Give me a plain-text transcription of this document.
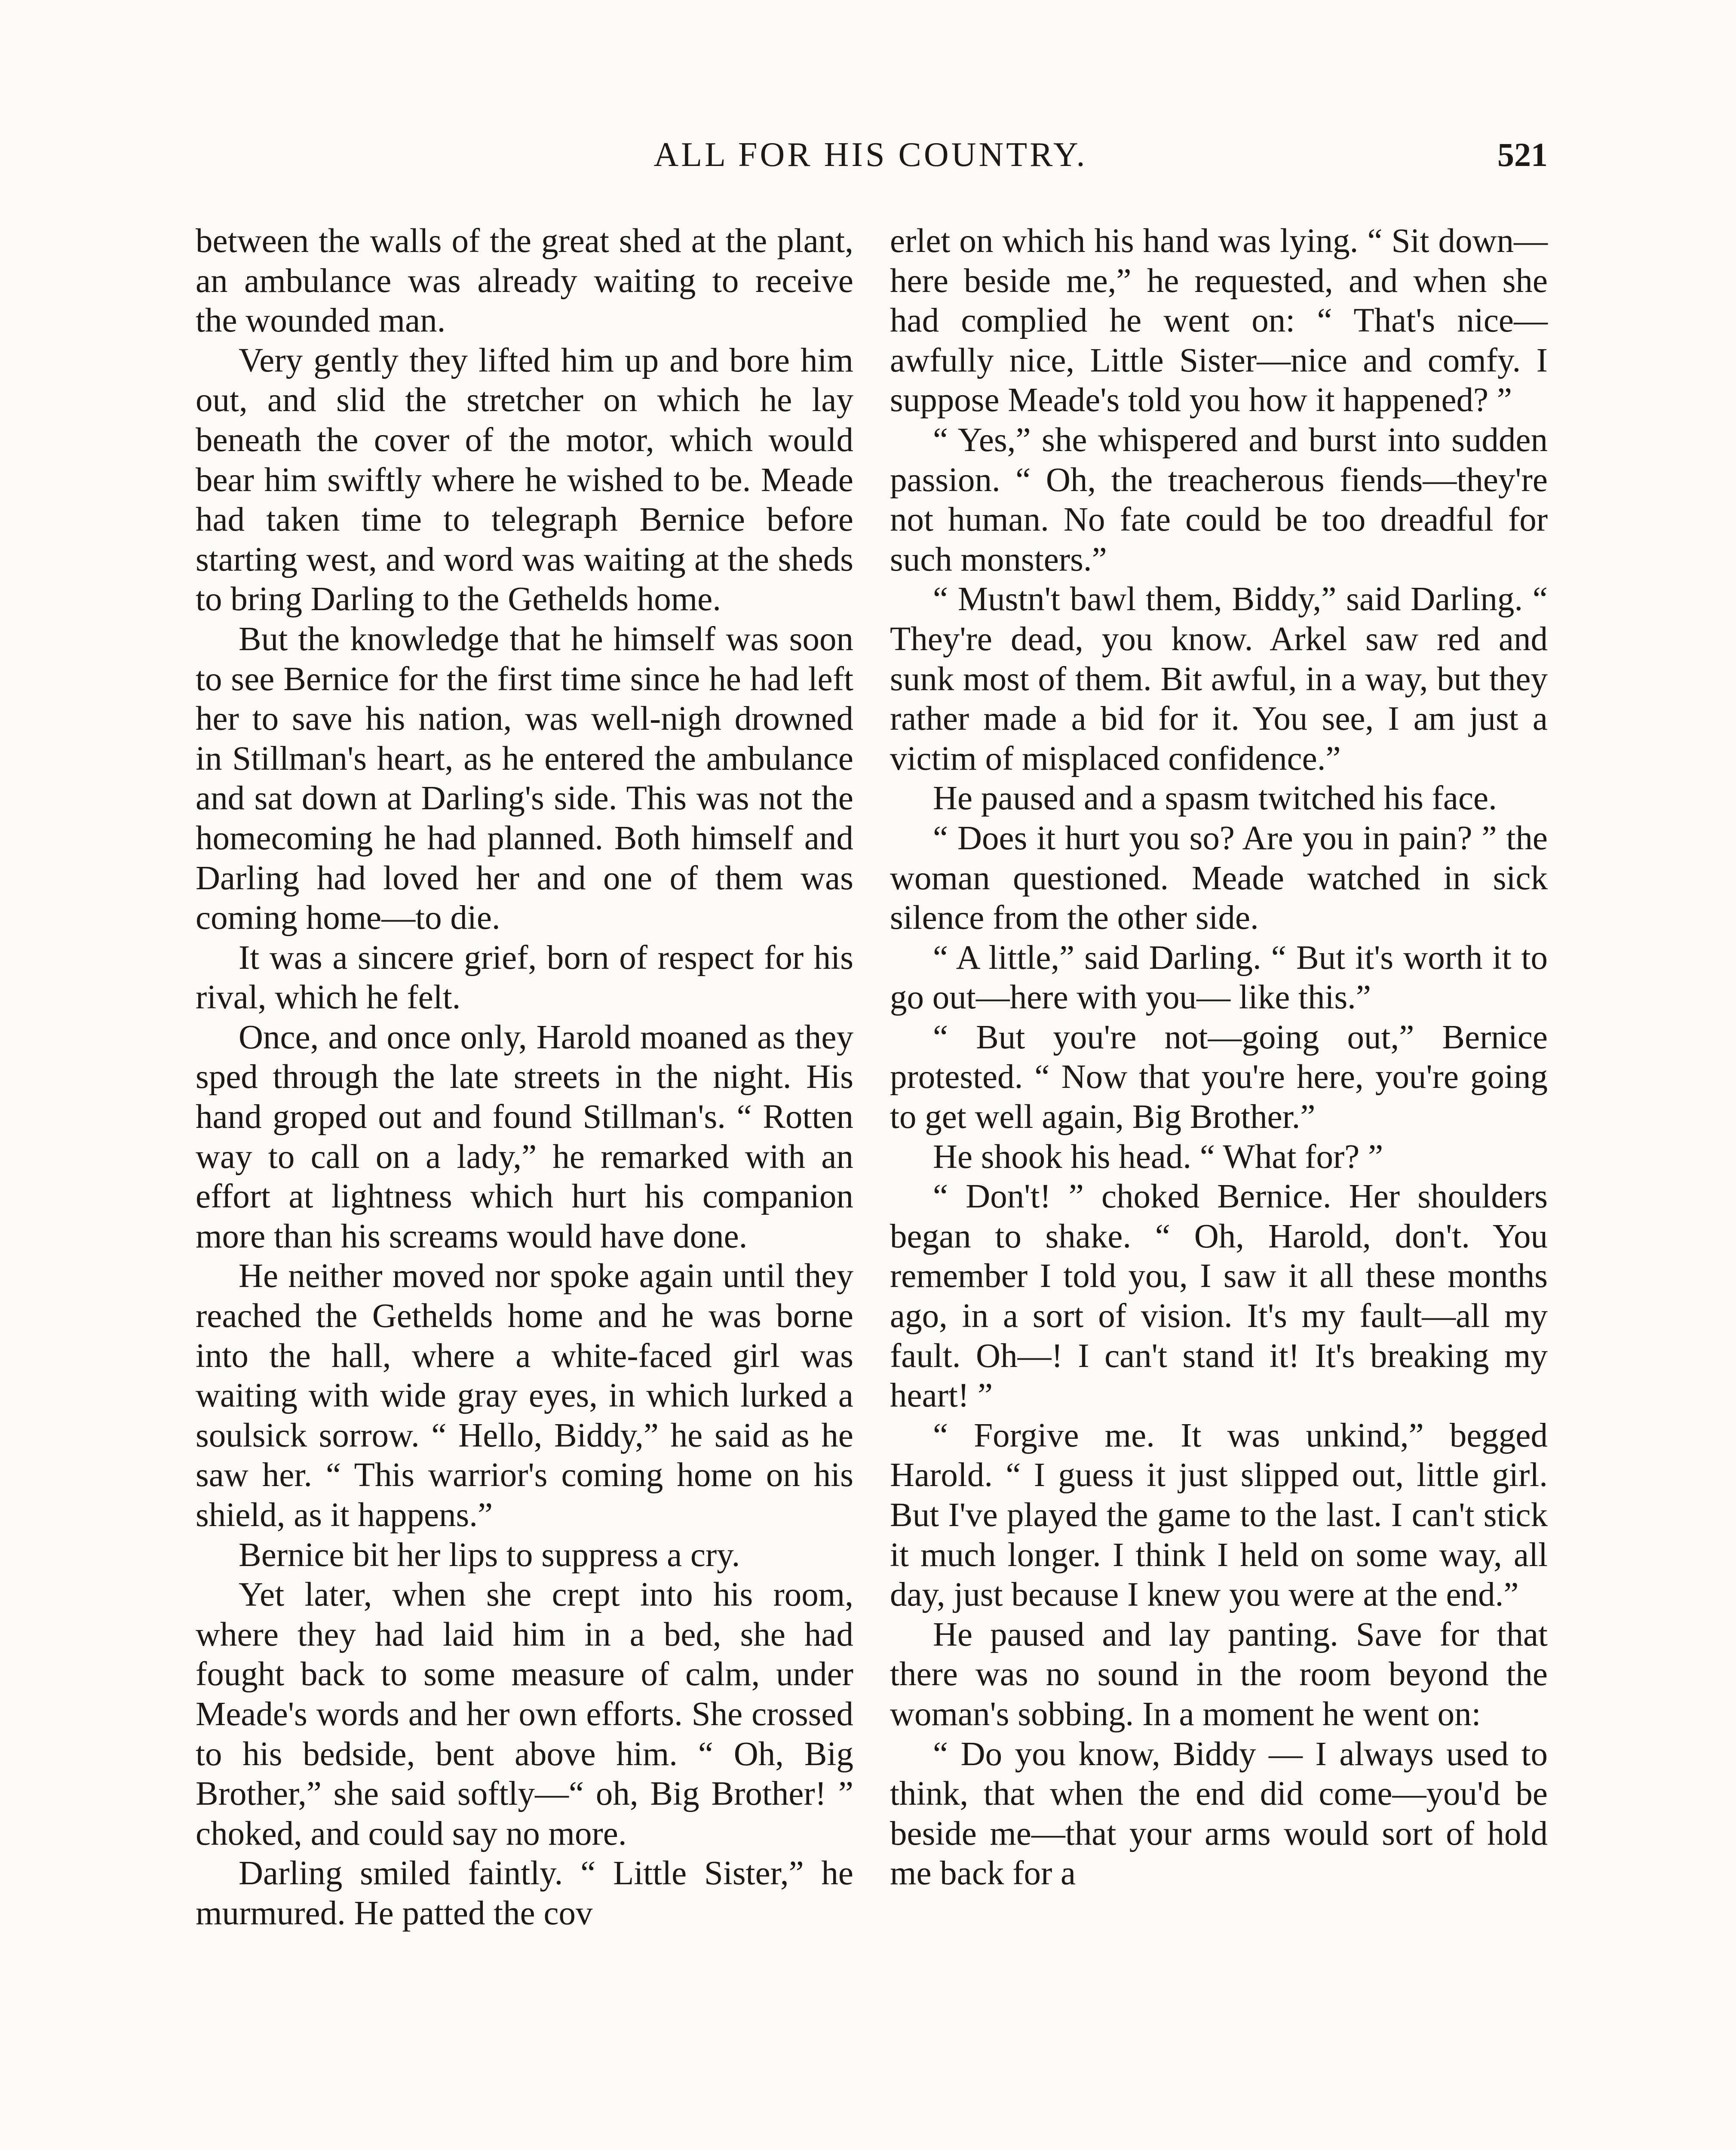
ALL FOR HIS COUNTRY.	521

between the walls of the great shed at the plant, an ambulance was already waiting to receive the wounded man.

Very gently they lifted him up and bore him out, and slid the stretcher on which he lay beneath the cover of the motor, which would bear him swiftly where he wished to be. Meade had taken time to telegraph Bernice before starting west, and word was waiting at the sheds to bring Darling to the Gethelds home.

But the knowledge that he himself was soon to see Bernice for the first time since he had left her to save his nation, was well-nigh drowned in Stillman's heart, as he entered the ambulance and sat down at Darling's side. This was not the homecoming he had planned. Both himself and Darling had loved her and one of them was coming home—to die.

It was a sincere grief, born of respect for his rival, which he felt.

Once, and once only, Harold moaned as they sped through the late streets in the night. His hand groped out and found Stillman's. “ Rotten way to call on a lady,” he remarked with an effort at lightness which hurt his companion more than his screams would have done.

He neither moved nor spoke again until they reached the Gethelds home and he was borne into the hall, where a white-faced girl was waiting with wide gray eyes, in which lurked a soulsick sorrow. “ Hello, Biddy,” he said as he saw her. “ This warrior's coming home on his shield, as it happens.”

Bernice bit her lips to suppress a cry.

Yet later, when she crept into his room, where they had laid him in a bed, she had fought back to some measure of calm, under Meade's words and her own efforts. She crossed to his bedside, bent above him. “ Oh, Big Brother,” she said softly—“ oh, Big Brother! ” choked, and could say no more.

Darling smiled faintly. “ Little Sister,” he murmured. He patted the cov

erlet on which his hand was lying. “ Sit down—here beside me,” he requested, and when she had complied he went on: “ That's nice—awfully nice, Little Sister—nice and comfy. I suppose Meade's told you how it happened? ”

“ Yes,” she whispered and burst into sudden passion. “ Oh, the treacherous fiends—they're not human. No fate could be too dreadful for such monsters.”

“ Mustn't bawl them, Biddy,” said Darling. “ They're dead, you know. Arkel saw red and sunk most of them. Bit awful, in a way, but they rather made a bid for it. You see, I am just a victim of misplaced confidence.”

He paused and a spasm twitched his face.

“ Does it hurt you so? Are you in pain? ” the woman questioned. Meade watched in sick silence from the other side.

“ A little,” said Darling. “ But it's worth it to go out—here with you— like this.”

“ But you're not—going out,” Bernice protested. “ Now that you're here, you're going to get well again, Big Brother.”

He shook his head. “ What for? ”

“ Don't! ” choked Bernice. Her shoulders began to shake. “ Oh, Harold, don't. You remember I told you, I saw it all these months ago, in a sort of vision. It's my fault—all my fault. Oh—! I can't stand it! It's breaking my heart! ”

“ Forgive me. It was unkind,” begged Harold. “ I guess it just slipped out, little girl. But I've played the game to the last. I can't stick it much longer. I think I held on some way, all day, just because I knew you were at the end.”

He paused and lay panting. Save for that there was no sound in the room beyond the woman's sobbing. In a moment he went on:

“ Do you know, Biddy — I always used to think, that when the end did come—you'd be beside me—that your arms would sort of hold me back for a
